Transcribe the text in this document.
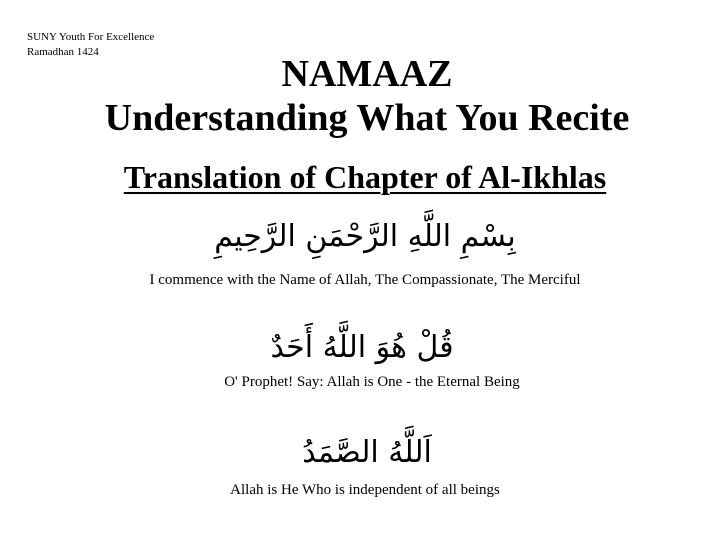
SUNY Youth For Excellence
Ramadhan 1424
NAMAAZ
Understanding What You Recite
Translation of Chapter of Al-Ikhlas
بِسْمِ اللَّهِ الرَّحْمَنِ الرَّحِيمِ
I commence with the Name of Allah, The Compassionate, The Merciful
قُلْ هُوَ اللَّهُ أَحَدٌ
O' Prophet! Say: Allah is One - the Eternal Being
اَللَّهُ الصَّمَدُ
Allah is He Who is independent of all beings
